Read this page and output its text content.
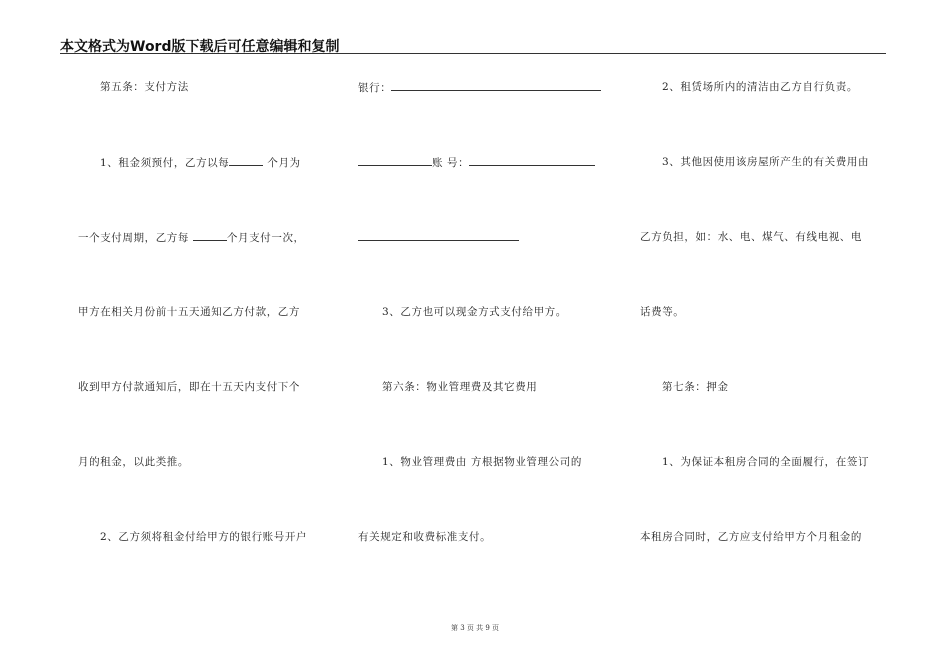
本文格式为Word版下载后可任意编辑和复制
第五条：支付方法
1、租金须预付，乙方以每	个月为
一个支付周期，乙方每	个月支付一次，
甲方在相关月份前十五天通知乙方付款，乙方
收到甲方付款通知后，即在十五天内支付下个
月的租金，以此类推。
2、乙方须将租金付给甲方的银行账号开户
银行：
账 号：
3、乙方也可以现金方式支付给甲方。
第六条：物业管理费及其它费用
1、物业管理费由 方根据物业管理公司的
有关规定和收费标准支付。
2、租赁场所内的清洁由乙方自行负责。
3、其他因使用该房屋所产生的有关费用由
乙方负担，如：水、电、煤气、有线电视、电
话费等。
第七条：押金
1、为保证本租房合同的全面履行，在签订
本租房合同时，乙方应支付给甲方个月租金的
第 3 页 共 9 页
